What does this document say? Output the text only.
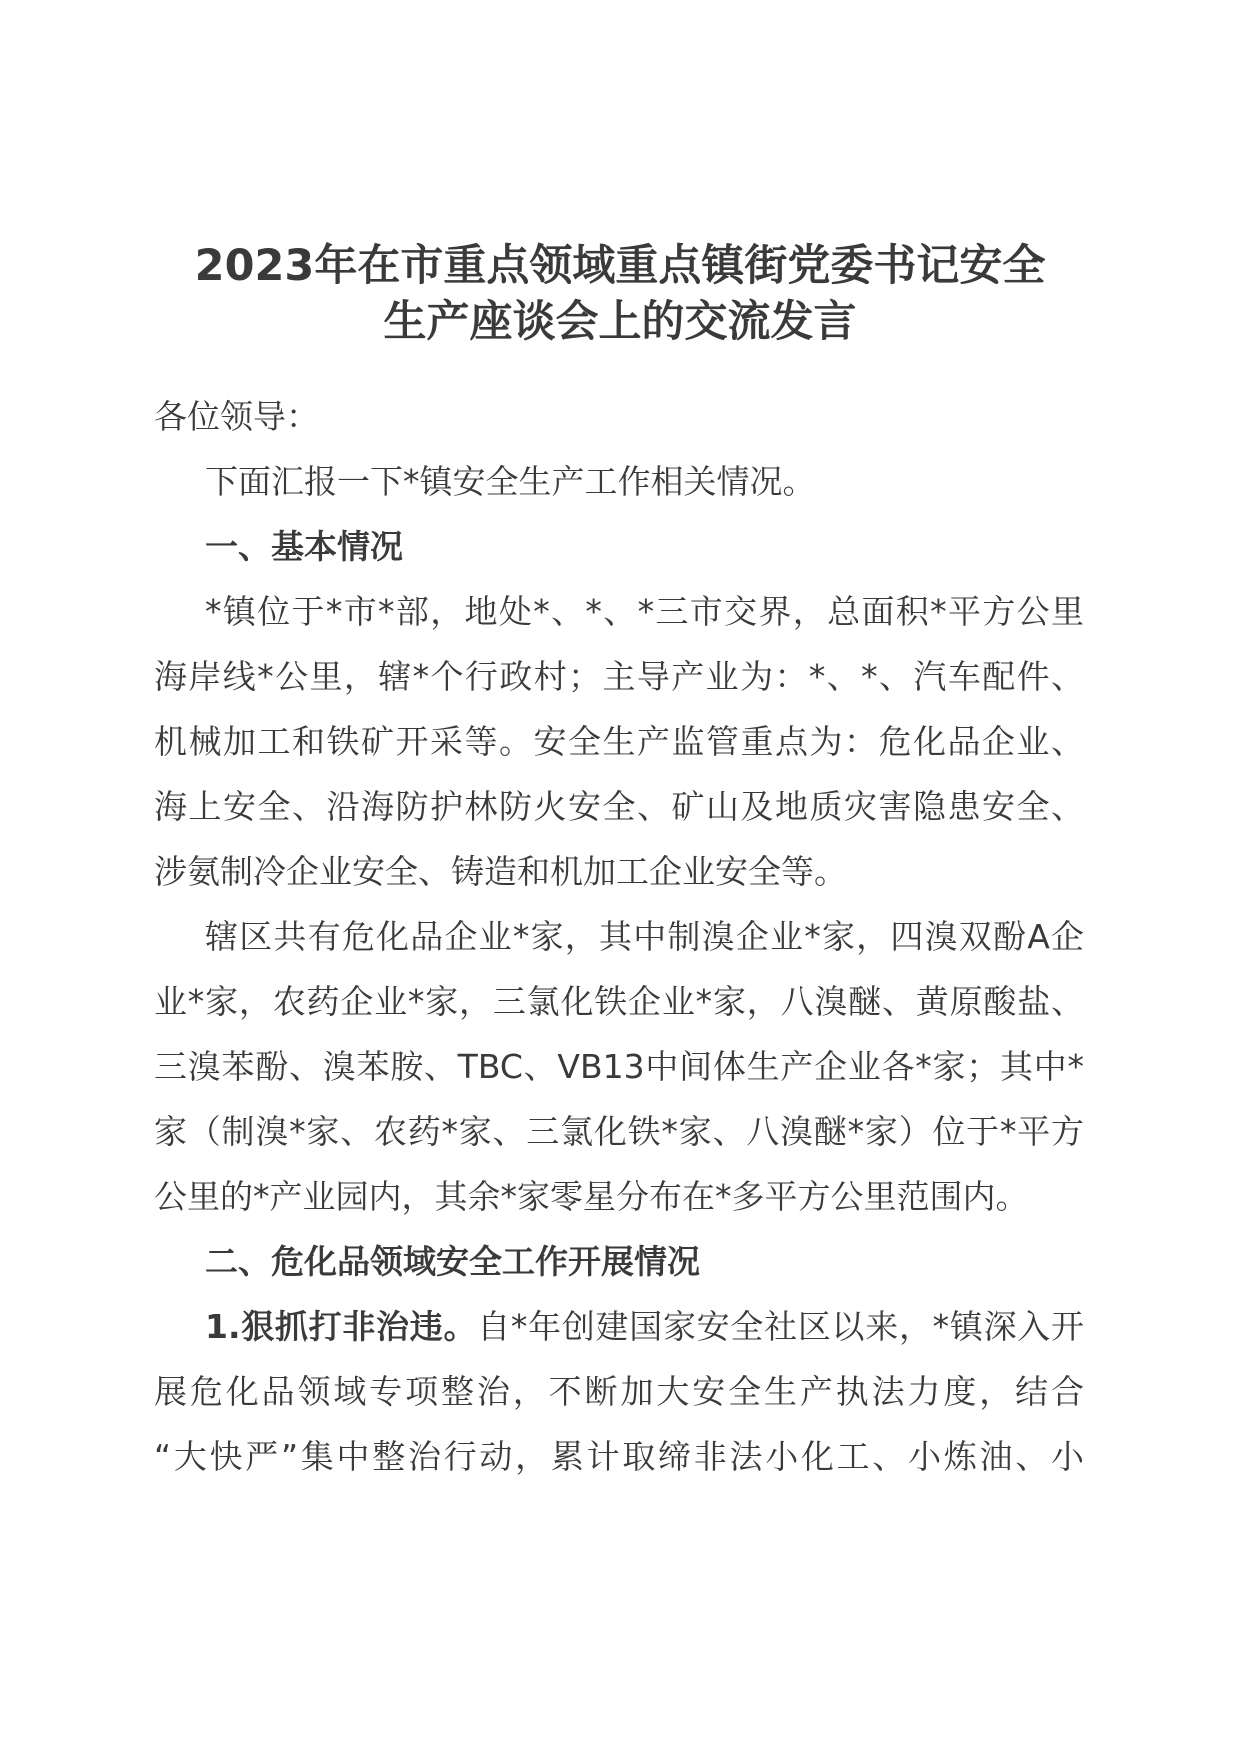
2023年在市重点领域重点镇街党委书记安全
生产座谈会上的交流发言

各位领导：

下面汇报一下*镇安全生产工作相关情况。

一、基本情况

*镇位于*市*部，地处*、*、*三市交界，总面积*平方公里
海岸线*公里，辖*个行政村；主导产业为：*、*、汽车配件、
机械加工和铁矿开采等。安全生产监管重点为：危化品企业、
海上安全、沿海防护林防火安全、矿山及地质灾害隐患安全、
涉氨制冷企业安全、铸造和机加工企业安全等。

辖区共有危化品企业*家，其中制溴企业*家，四溴双酚A企
业*家，农药企业*家，三氯化铁企业*家，八溴醚、黄原酸盐、
三溴苯酚、溴苯胺、TBC、VB13中间体生产企业各*家；其中*
家（制溴*家、农药*家、三氯化铁*家、八溴醚*家）位于*平方
公里的*产业园内，其余*家零星分布在*多平方公里范围内。

二、危化品领域安全工作开展情况

1.狠抓打非治违。自*年创建国家安全社区以来，*镇深入开
展危化品领域专项整治，不断加大安全生产执法力度，结合
“大快严”集中整治行动，累计取缔非法小化工、小炼油、小
